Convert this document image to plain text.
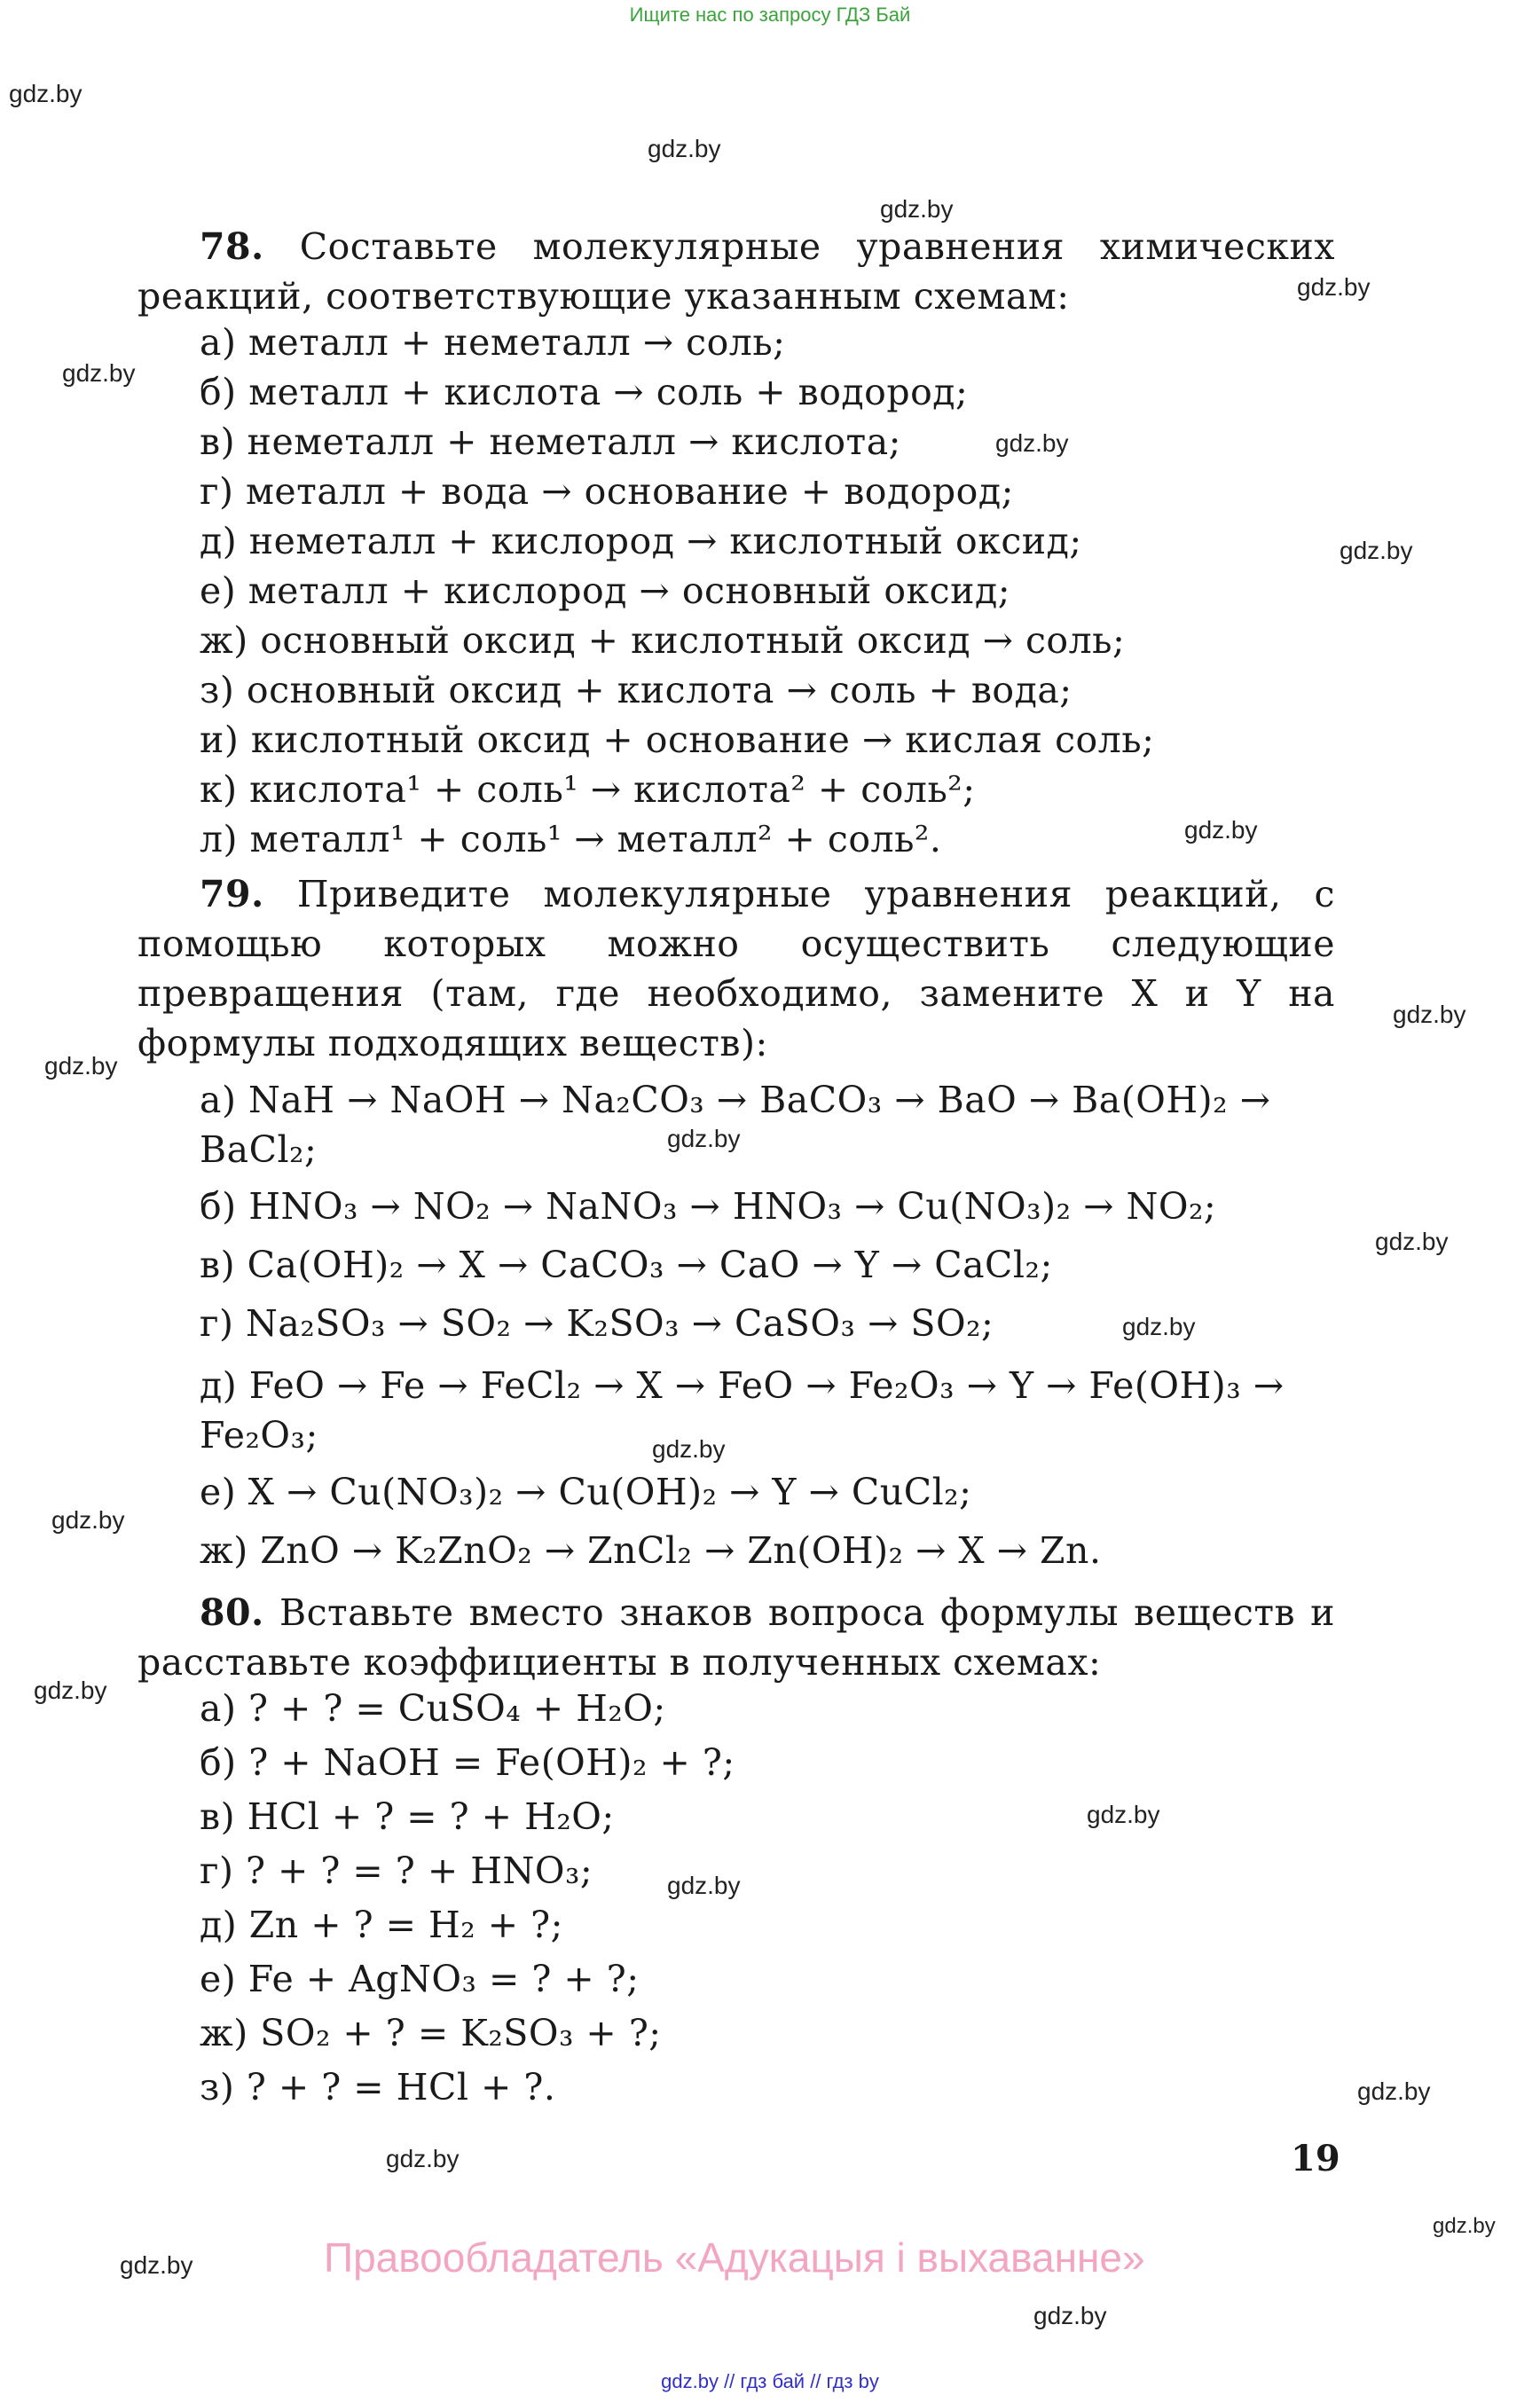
Ищите нас по запросу ГДЗ Бай
gdz.by
gdz.by
gdz.by
gdz.by
gdz.by
gdz.by
gdz.by
gdz.by
gdz.by
gdz.by
gdz.by
gdz.by
gdz.by
gdz.by
gdz.by
gdz.by
gdz.by
gdz.by
gdz.by
gdz.by
gdz.by
gdz.by
gdz.by
78. Составьте молекулярные уравнения химических реакций, соответствующие указанным схемам:
а) металл + неметалл → соль;
б) металл + кислота → соль + водород;
в) неметалл + неметалл → кислота;
г) металл + вода → основание + водород;
д) неметалл + кислород → кислотный оксид;
е) металл + кислород → основный оксид;
ж) основный оксид + кислотный оксид → соль;
з) основный оксид + кислота → соль + вода;
и) кислотный оксид + основание → кислая соль;
к) кислота¹ + соль¹ → кислота² + соль²;
л) металл¹ + соль¹ → металл² + соль².
79. Приведите молекулярные уравнения реакций, с помощью которых можно осуществить следующие превращения (там, где необходимо, замените X и Y на формулы подходящих веществ):
а) NaH → NaOH → Na₂CO₃ → BaCO₃ → BaO → Ba(OH)₂ → BaCl₂;
б) HNO₃ → NO₂ → NaNO₃ → HNO₃ → Cu(NO₃)₂ → NO₂;
в) Ca(OH)₂ → X → CaCO₃ → CaO → Y → CaCl₂;
г) Na₂SO₃ → SO₂ → K₂SO₃ → CaSO₃ → SO₂;
д) FeO → Fe → FeCl₂ → X → FeO → Fe₂O₃ → Y → Fe(OH)₃ → Fe₂O₃;
е) X → Cu(NO₃)₂ → Cu(OH)₂ → Y → CuCl₂;
ж) ZnO → K₂ZnO₂ → ZnCl₂ → Zn(OH)₂ → X → Zn.
80. Вставьте вместо знаков вопроса формулы веществ и расставьте коэффициенты в полученных схемах:
а) ? + ? = CuSO₄ + H₂O;
б) ? + NaOH = Fe(OH)₂ + ?;
в) HCl + ? = ? + H₂O;
г) ? + ? = ? + HNO₃;
д) Zn + ? = H₂ + ?;
е) Fe + AgNO₃ = ? + ?;
ж) SO₂ + ? = K₂SO₃ + ?;
з) ? + ? = HCl + ?.
19
Правообладатель «Адукацыя і выхаванне»
gdz.by // гдз бай // гдз by
